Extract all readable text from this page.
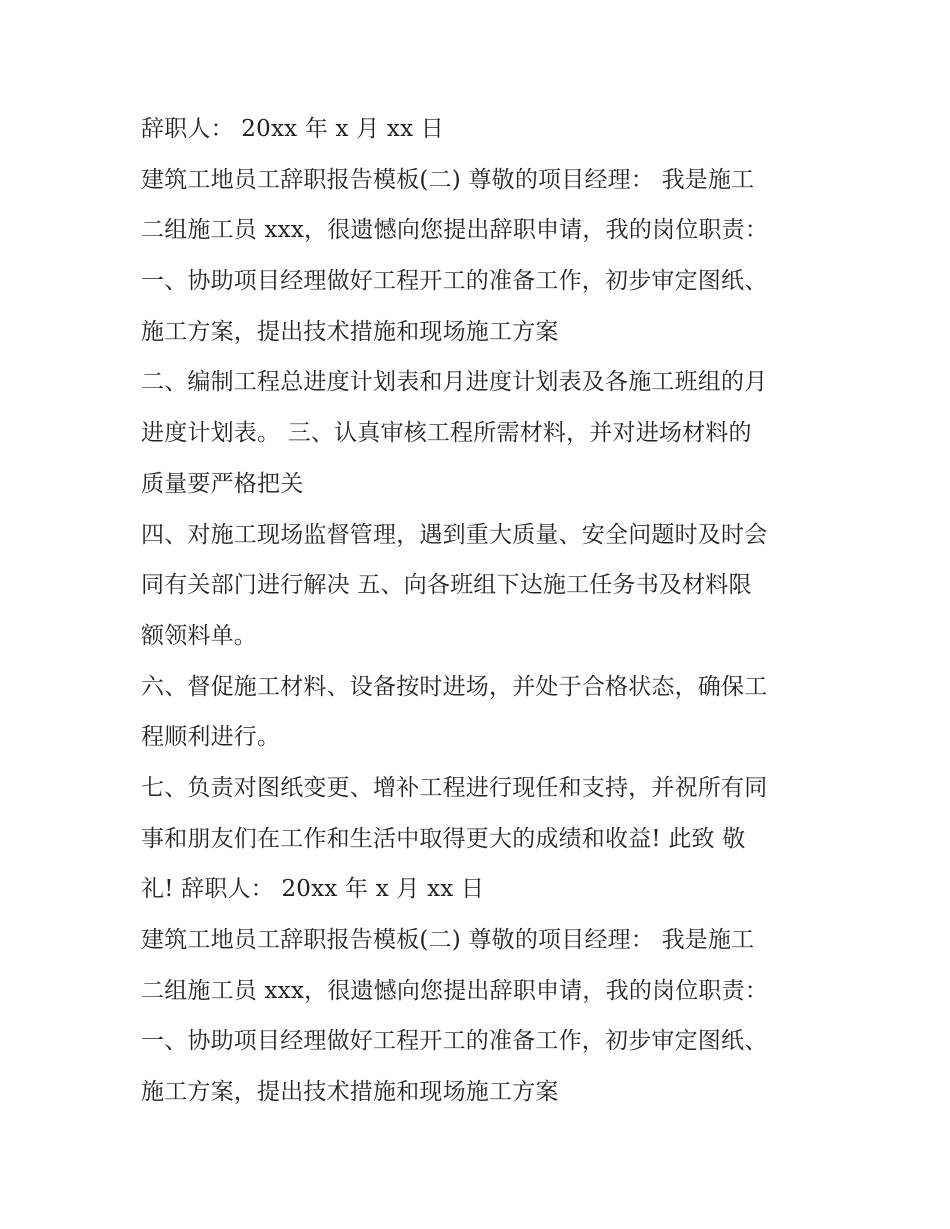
辞职人： 20xx 年 x 月 xx 日
建筑工地员工辞职报告模板(二) 尊敬的项目经理： 我是施工
二组施工员 xxx，很遗憾向您提出辞职申请，我的岗位职责：
一、协助项目经理做好工程开工的准备工作，初步审定图纸、
施工方案，提出技术措施和现场施工方案
二、编制工程总进度计划表和月进度计划表及各施工班组的月
进度计划表。 三、认真审核工程所需材料，并对进场材料的
质量要严格把关
四、对施工现场监督管理，遇到重大质量、安全问题时及时会
同有关部门进行解决 五、向各班组下达施工任务书及材料限
额领料单。
六、督促施工材料、设备按时进场，并处于合格状态，确保工
程顺利进行。
七、负责对图纸变更、增补工程进行现任和支持，并祝所有同
事和朋友们在工作和生活中取得更大的成绩和收益! 此致 敬
礼! 辞职人： 20xx 年 x 月 xx 日
建筑工地员工辞职报告模板(二) 尊敬的项目经理： 我是施工
二组施工员 xxx，很遗憾向您提出辞职申请，我的岗位职责：
一、协助项目经理做好工程开工的准备工作，初步审定图纸、
施工方案，提出技术措施和现场施工方案
